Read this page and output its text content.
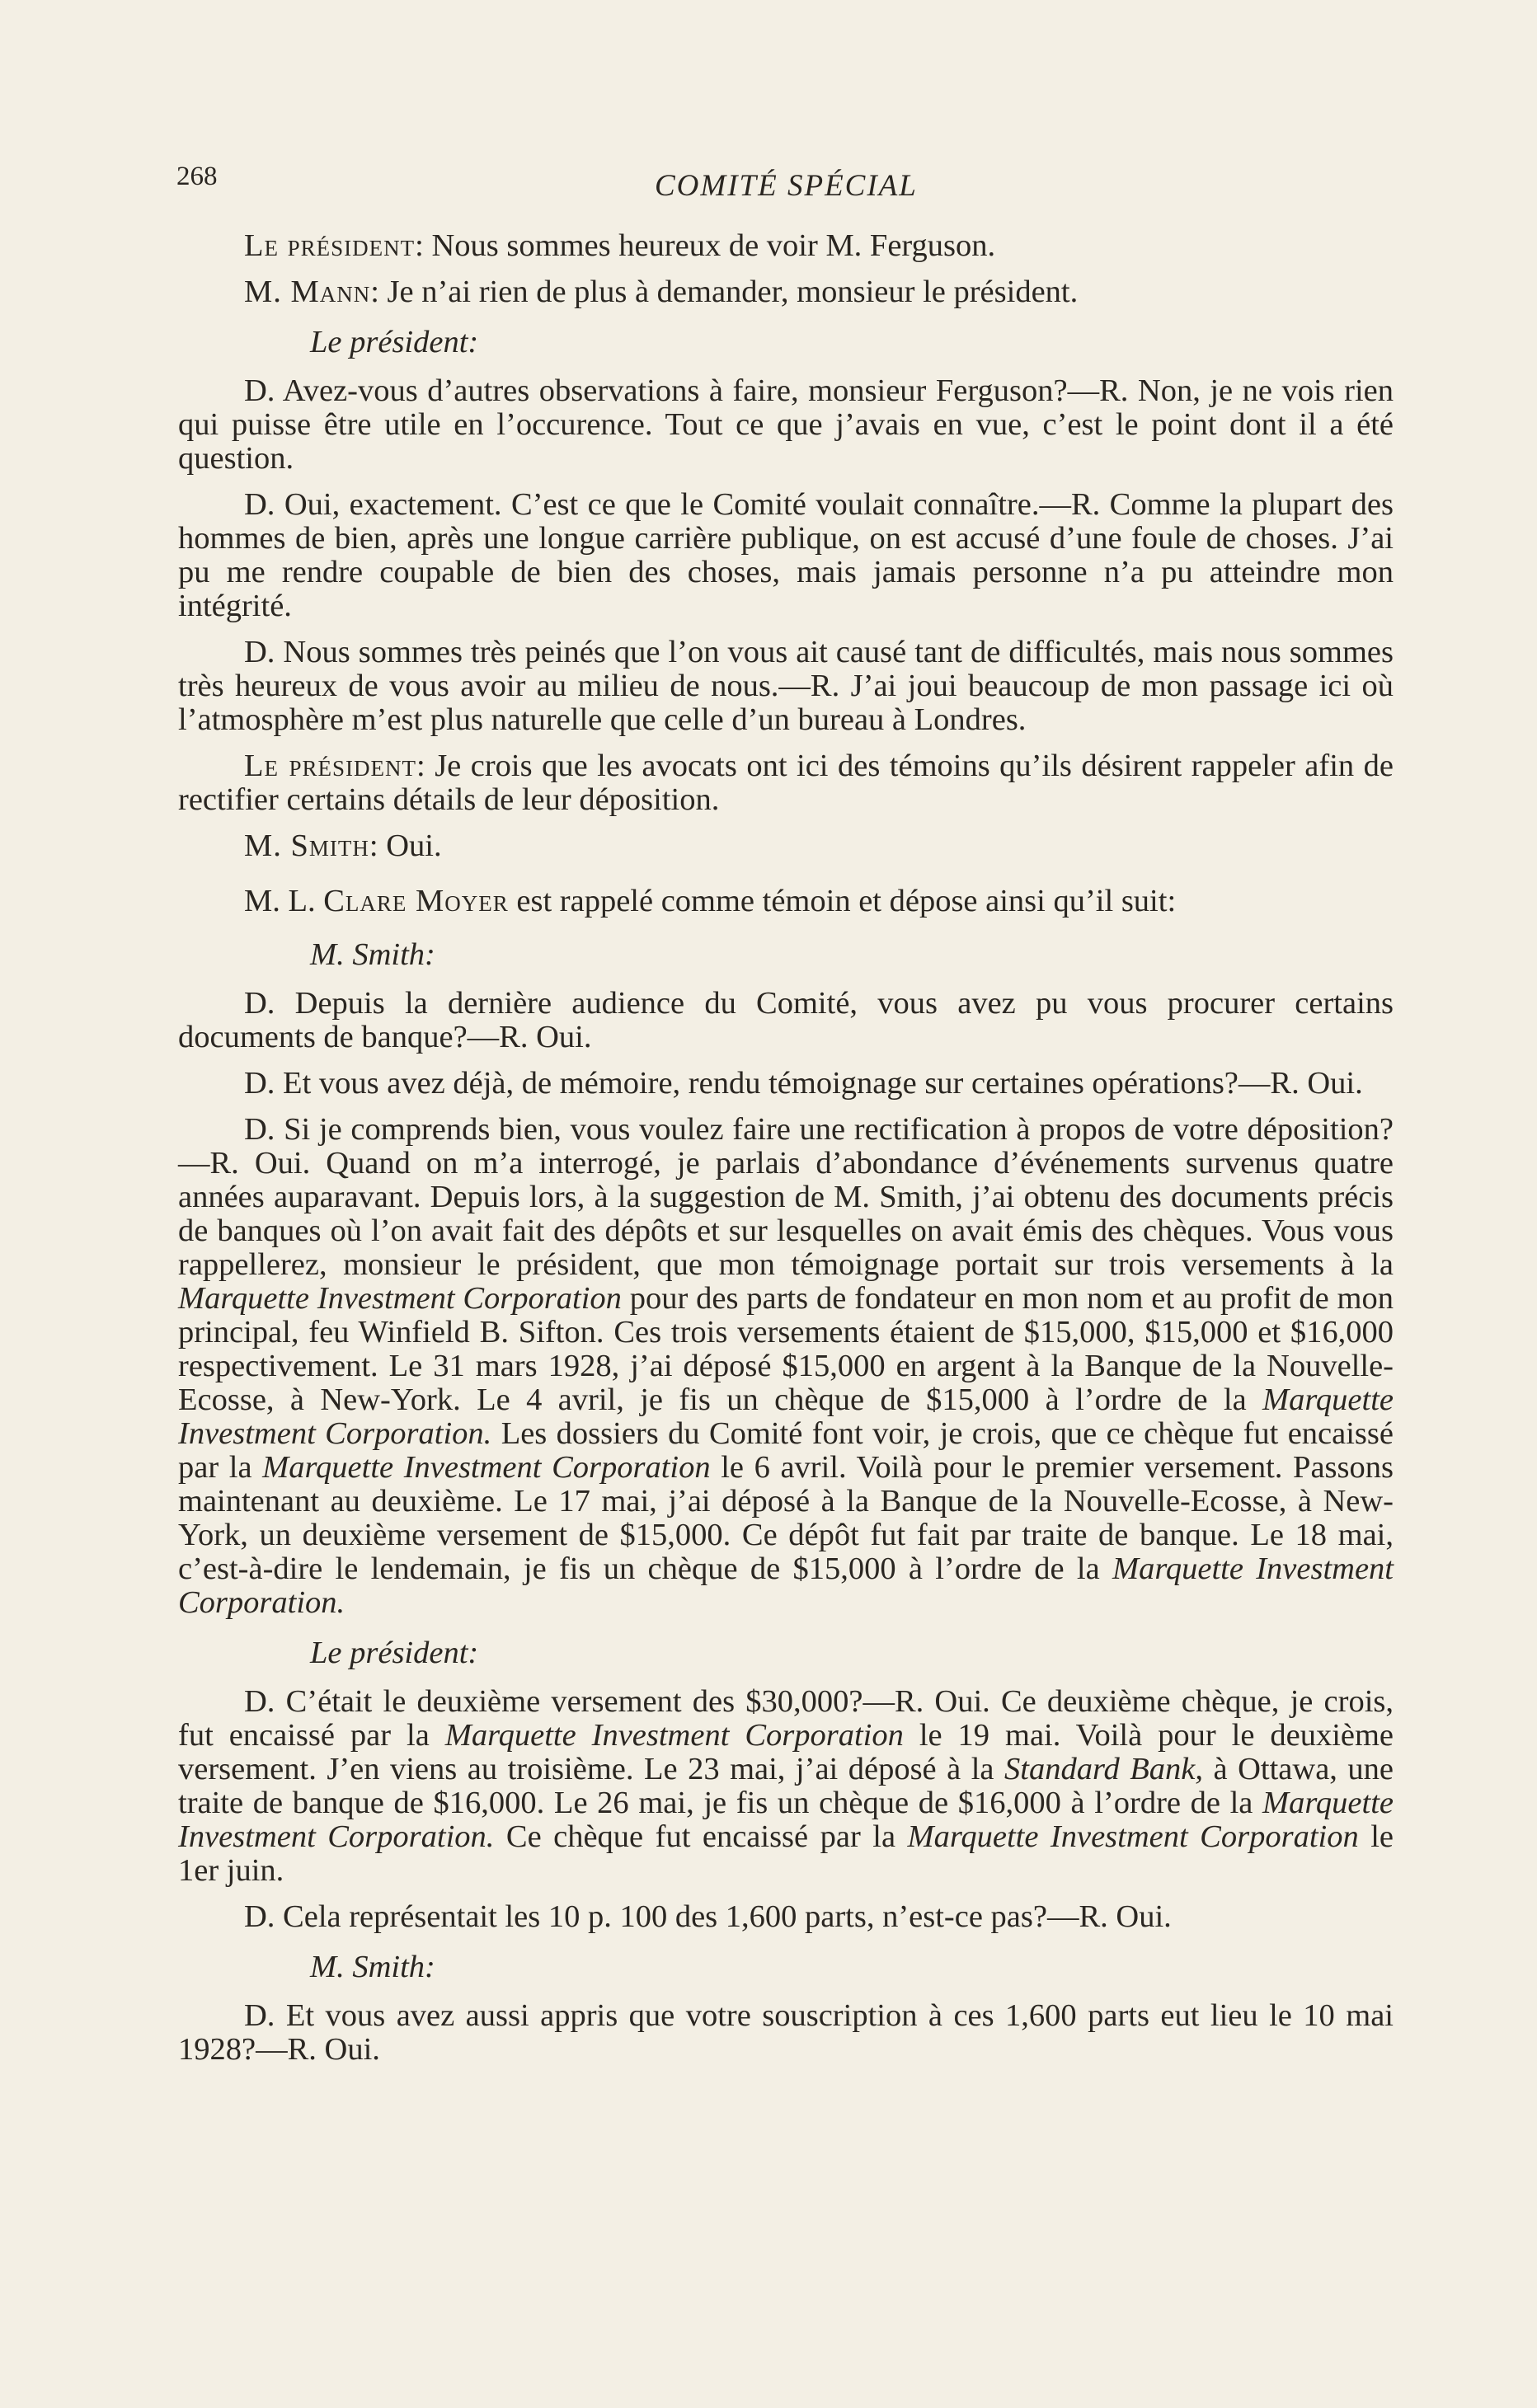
268	COMITÉ SPÉCIAL

Le président: Nous sommes heureux de voir M. Ferguson.

M. Mann: Je n’ai rien de plus à demander, monsieur le président.

Le président:

D. Avez-vous d’autres observations à faire, monsieur Ferguson?—R. Non, je ne vois rien qui puisse être utile en l’occurence. Tout ce que j’avais en vue, c’est le point dont il a été question.

D. Oui, exactement. C’est ce que le Comité voulait connaître.—R. Comme la plupart des hommes de bien, après une longue carrière publique, on est accusé d’une foule de choses. J’ai pu me rendre coupable de bien des choses, mais jamais personne n’a pu atteindre mon intégrité.

D. Nous sommes très peinés que l’on vous ait causé tant de difficultés, mais nous sommes très heureux de vous avoir au milieu de nous.—R. J’ai joui beaucoup de mon passage ici où l’atmosphère m’est plus naturelle que celle d’un bureau à Londres.

Le président: Je crois que les avocats ont ici des témoins qu’ils désirent rappeler afin de rectifier certains détails de leur déposition.

M. Smith: Oui.

M. L. Clare Moyer est rappelé comme témoin et dépose ainsi qu’il suit:

M. Smith:

D. Depuis la dernière audience du Comité, vous avez pu vous procurer certains documents de banque?—R. Oui.

D. Et vous avez déjà, de mémoire, rendu témoignage sur certaines opérations?—R. Oui.

D. Si je comprends bien, vous voulez faire une rectification à propos de votre déposition?—R. Oui. Quand on m’a interrogé, je parlais d’abondance d’événements survenus quatre années auparavant. Depuis lors, à la suggestion de M. Smith, j’ai obtenu des documents précis de banques où l’on avait fait des dépôts et sur lesquelles on avait émis des chèques. Vous vous rappellerez, monsieur le président, que mon témoignage portait sur trois versements à la Marquette Investment Corporation pour des parts de fondateur en mon nom et au profit de mon principal, feu Winfield B. Sifton. Ces trois versements étaient de $15,000, $15,000 et $16,000 respectivement. Le 31 mars 1928, j’ai déposé $15,000 en argent à la Banque de la Nouvelle-Ecosse, à New-York. Le 4 avril, je fis un chèque de $15,000 à l’ordre de la Marquette Investment Corporation. Les dossiers du Comité font voir, je crois, que ce chèque fut encaissé par la Marquette Investment Corporation le 6 avril. Voilà pour le premier versement. Passons maintenant au deuxième. Le 17 mai, j’ai déposé à la Banque de la Nouvelle-Ecosse, à New-York, un deuxième versement de $15,000. Ce dépôt fut fait par traite de banque. Le 18 mai, c’est-à-dire le lendemain, je fis un chèque de $15,000 à l’ordre de la Marquette Investment Corporation.

Le président:

D. C’était le deuxième versement des $30,000?—R. Oui. Ce deuxième chèque, je crois, fut encaissé par la Marquette Investment Corporation le 19 mai. Voilà pour le deuxième versement. J’en viens au troisième. Le 23 mai, j’ai déposé à la Standard Bank, à Ottawa, une traite de banque de $16,000. Le 26 mai, je fis un chèque de $16,000 à l’ordre de la Marquette Investment Corporation. Ce chèque fut encaissé par la Marquette Investment Corporation le 1er juin.

D. Cela représentait les 10 p. 100 des 1,600 parts, n’est-ce pas?—R. Oui.

M. Smith:

D. Et vous avez aussi appris que votre souscription à ces 1,600 parts eut lieu le 10 mai 1928?—R. Oui.
